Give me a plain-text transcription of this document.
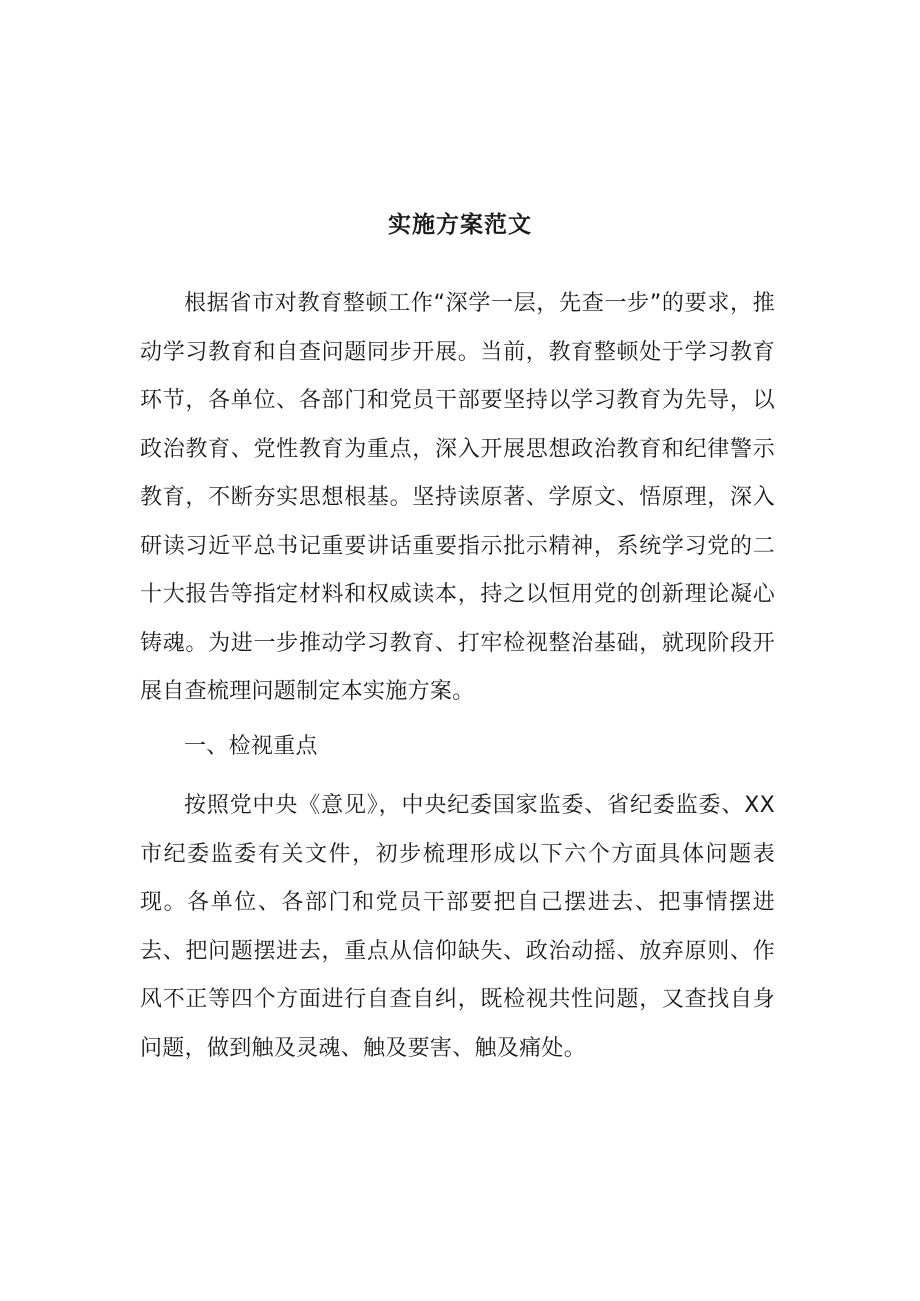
实施方案范文

根据省市对教育整顿工作“深学一层，先查一步”的要求，推动学习教育和自查问题同步开展。当前，教育整顿处于学习教育环节，各单位、各部门和党员干部要坚持以学习教育为先导，以政治教育、党性教育为重点，深入开展思想政治教育和纪律警示教育，不断夯实思想根基。坚持读原著、学原文、悟原理，深入研读习近平总书记重要讲话重要指示批示精神，系统学习党的二十大报告等指定材料和权威读本，持之以恒用党的创新理论凝心铸魂。为进一步推动学习教育、打牢检视整治基础，就现阶段开展自查梳理问题制定本实施方案。

一、检视重点

按照党中央《意见》，中央纪委国家监委、省纪委监委、XX市纪委监委有关文件，初步梳理形成以下六个方面具体问题表现。各单位、各部门和党员干部要把自己摆进去、把事情摆进去、把问题摆进去，重点从信仰缺失、政治动摇、放弃原则、作风不正等四个方面进行自查自纠，既检视共性问题，又查找自身问题，做到触及灵魂、触及要害、触及痛处。
